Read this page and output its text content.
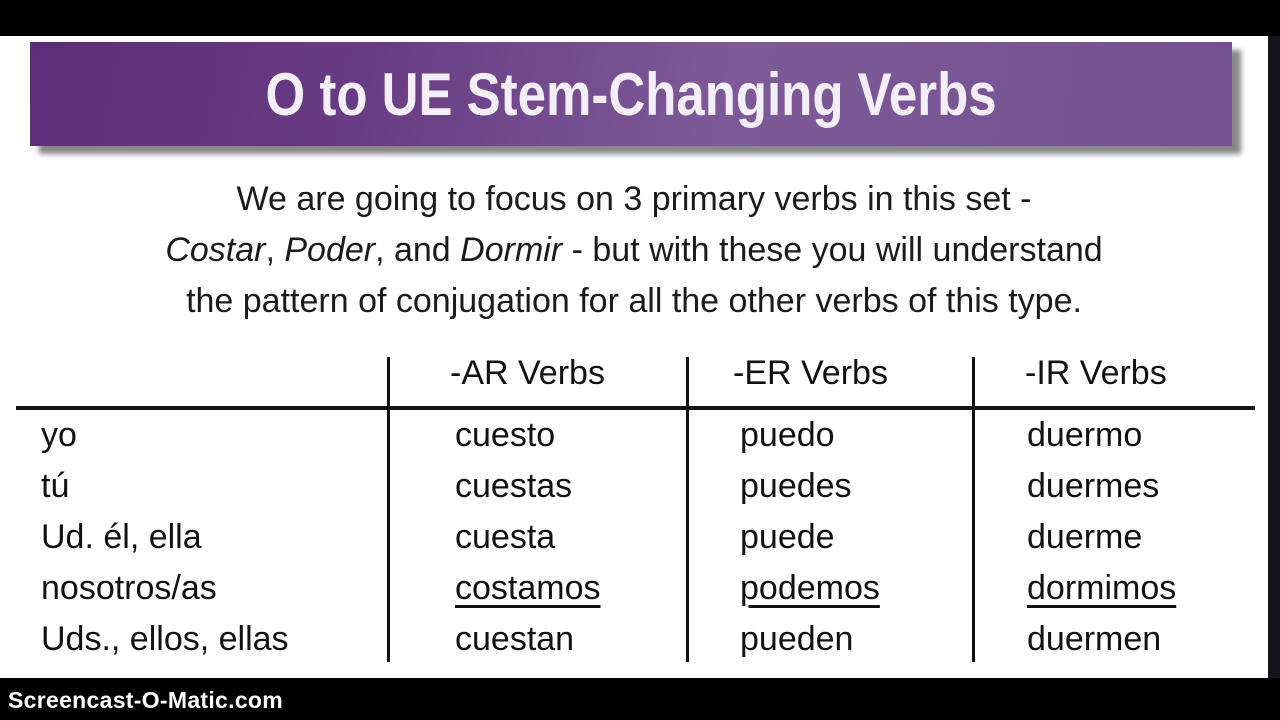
O to UE Stem-Changing Verbs
We are going to focus on 3 primary verbs in this set -
Costar, Poder, and Dormir - but with these you will understand
the pattern of conjugation for all the other verbs of this type.
-AR Verbs	-ER Verbs	-IR Verbs
yo	cuesto	puedo	duermo
tú	cuestas	puedes	duermes
Ud. él, ella	cuesta	puede	duerme
nosotros/as	costamos	podemos	dormimos
Uds., ellos, ellas	cuestan	pueden	duermen
Screencast-O-Matic.com
